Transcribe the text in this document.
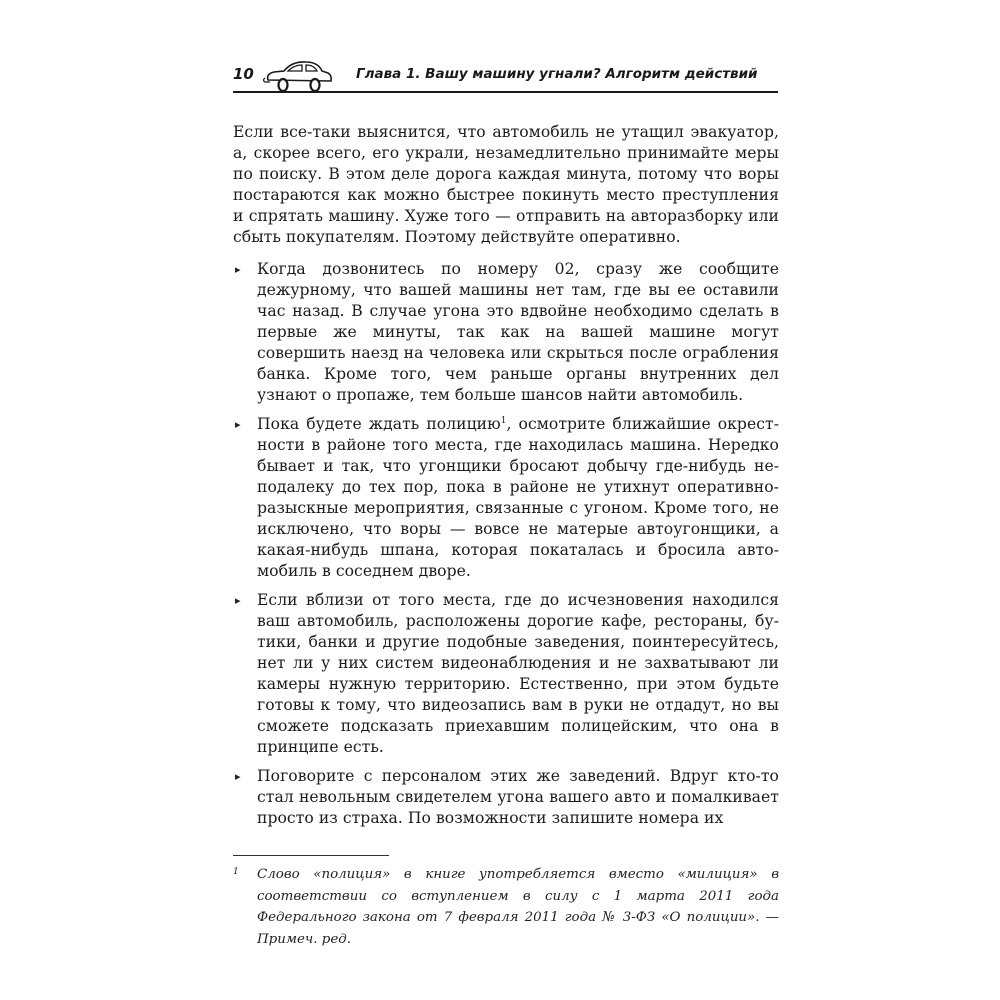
10	Глава 1. Вашу машину угнали? Алгоритм действий

Если все-таки выяснится, что автомобиль не утащил эвакуатор, а, скорее всего, его украли, незамедлительно принимайте меры по поиску. В этом деле дорога каждая минута, потому что воры постараются как можно быстрее покинуть место преступления и спрятать машину. Хуже того — отправить на авторазборку или сбыть покупателям. Поэтому действуйте оперативно.

▸ Когда дозвонитесь по номеру 02, сразу же сообщите дежурному, что вашей машины нет там, где вы ее оставили час назад. В случае угона это вдвойне необходимо сделать в первые же минуты, так как на вашей машине могут совершить наезд на человека или скрыться после ограбления банка. Кроме того, чем раньше органы внутренних дел узнают о пропаже, тем больше шансов найти автомобиль.
▸ Пока будете ждать полицию$^1$, осмотрите ближайшие окрестности в районе того места, где находилась машина. Нередко бывает и так, что угонщики бросают добычу где-нибудь неподалеку до тех пор, пока в районе не утихнут оперативно-разыскные мероприятия, связанные с угоном. Кроме того, не исключено, что воры — вовсе не матерые автоугонщики, а какая-нибудь шпана, которая покаталась и бросила автомобиль в соседнем дворе.
▸ Если вблизи от того места, где до исчезновения находился ваш автомобиль, расположены дорогие кафе, рестораны, бутики, банки и другие подобные заведения, поинтересуйтесь, нет ли у них систем видеонаблюдения и не захватывают ли камеры нужную территорию. Естественно, при этом будьте готовы к тому, что видеозапись вам в руки не отдадут, но вы сможете подсказать приехавшим полицейским, что она в принципе есть.
▸ Поговорите с персоналом этих же заведений. Вдруг кто-то стал невольным свидетелем угона вашего авто и помалкивает просто из страха. По возможности запишите номера их
1 Слово «полиция» в книге употребляется вместо «милиция» в соответствии со вступлением в силу с 1 марта 2011 года Федерального закона от 7 февраля 2011 года № 3-ФЗ «О полиции». — Примеч. ред.
